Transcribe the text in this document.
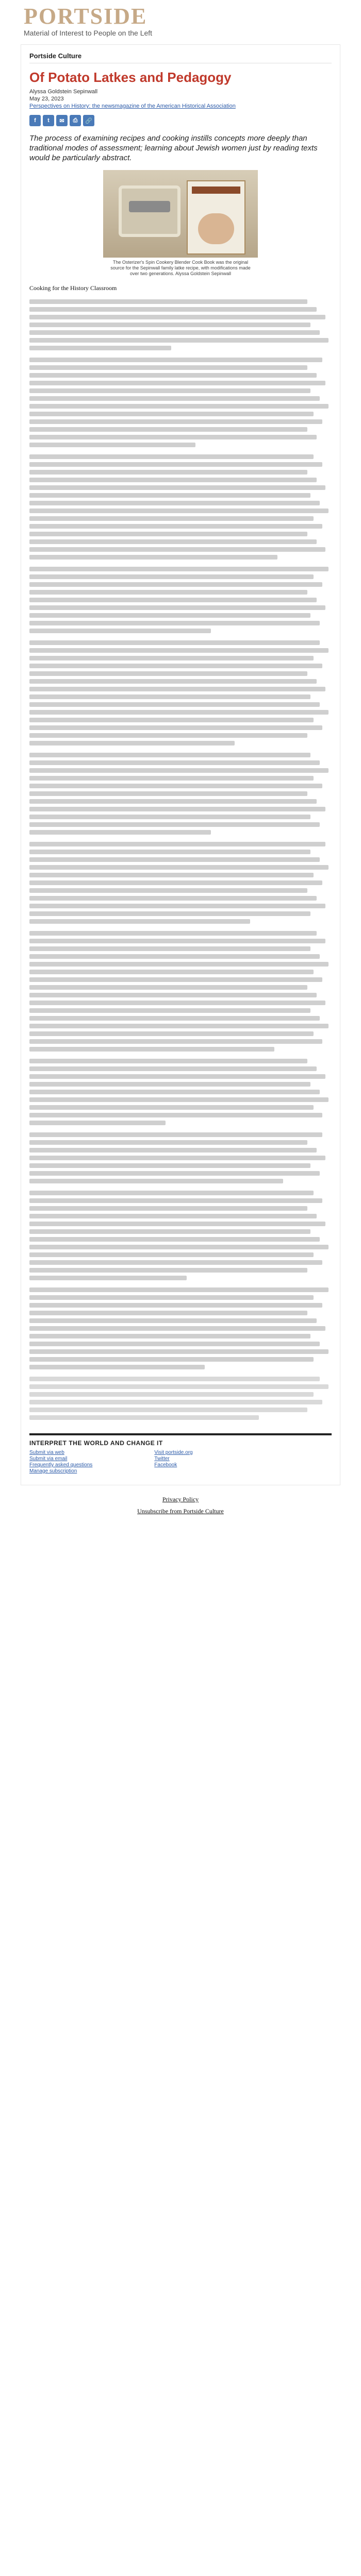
PORTSIDE
Material of Interest to People on the Left
Portside Culture
Of Potato Latkes and Pedagogy
Alyssa Goldstein Sepinwall
May 23, 2023
Perspectives on History: the newsmagazine of the American Historical Association
f	t	✉	⎙	🔗
The process of examining recipes and cooking instills concepts more deeply than traditional modes of assessment; learning about Jewish women just by reading texts would be particularly abstract.
The Osterizer's Spin Cookery Blender Cook Book was the original source for the Sepinwall family latke recipe, with modifications made over two generations. Alyssa Goldstein Sepinwall
Cooking for the History Classroom
INTERPRET THE WORLD AND CHANGE IT
Submit via web
Submit via email
Frequently asked questions
Manage subscription
Visit portside.org
Twitter
Facebook
Privacy Policy
Unsubscribe from Portside Culture
